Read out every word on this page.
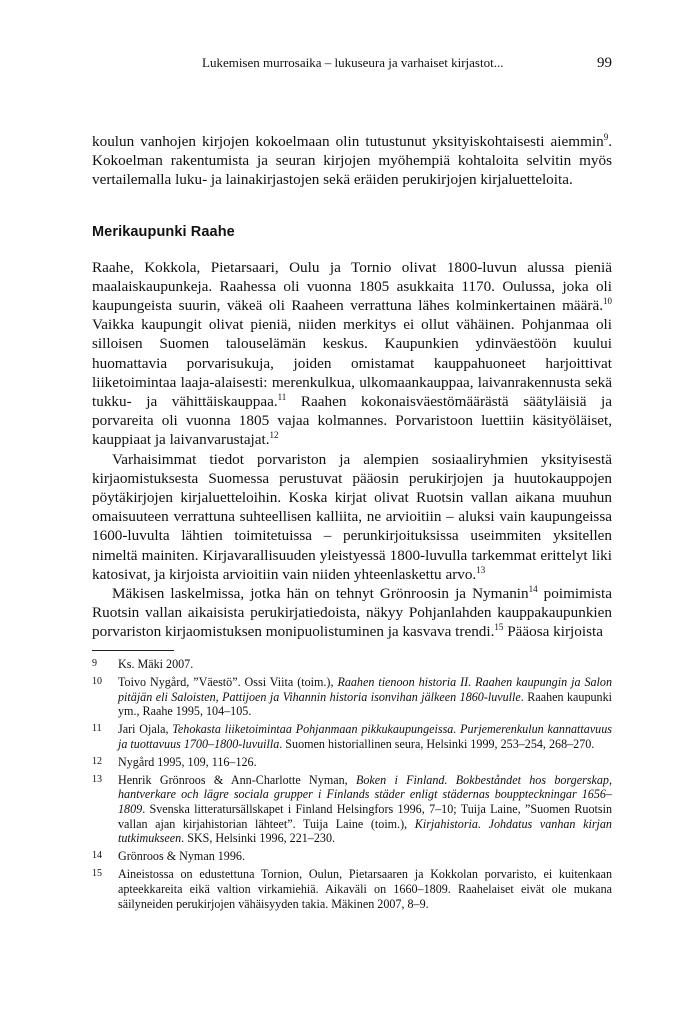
Lukemisen murrosaika – lukuseura ja varhaiset kirjastot...	99

koulun vanhojen kirjojen kokoelmaan olin tutustunut yksityiskohtaisesti aiemmin$^9$. Kokoelman rakentumista ja seuran kirjojen myöhempiä kohtaloita selvitin myös vertailemalla luku- ja lainakirjastojen sekä eräiden perukirjojen kirjaluetteloita.

Merikaupunki Raahe

Raahe, Kokkola, Pietarsaari, Oulu ja Tornio olivat 1800-luvun alussa pieniä maalaiskaupunkeja. Raahessa oli vuonna 1805 asukkaita 1170. Oulussa, joka oli kaupungeista suurin, väkeä oli Raaheen verrattuna lähes kolminkertainen määrä.$^{10}$ Vaikka kaupungit olivat pieniä, niiden merkitys ei ollut vähäinen. Pohjanmaa oli silloisen Suomen talouselämän keskus. Kaupunkien ydinväestöön kuului huomattavia porvarisukuja, joiden omistamat kauppahuoneet harjoittivat liiketoimintaa laaja-alaisesti: merenkulkua, ulkomaankauppaa, laivanrakennusta sekä tukku- ja vähittäiskauppaa.$^{11}$ Raahen kokonaisväestömäärästä säätyläisiä ja porvareita oli vuonna 1805 vajaa kolmannes. Porvaristoon luettiin käsityöläiset, kauppiaat ja laivanvarustajat.$^{12}$

Varhaisimmat tiedot porvariston ja alempien sosiaaliryhmien yksityisestä kirjaomistuksesta Suomessa perustuvat pääosin perukirjojen ja huutokauppojen pöytäkirjojen kirjaluetteloihin. Koska kirjat olivat Ruotsin vallan aikana muuhun omaisuuteen verrattuna suhteellisen kalliita, ne arvioitiin – aluksi vain kaupungeissa 1600-luvulta lähtien toimitetuissa – perunkirjoituksissa useimmiten yksitellen nimeltä mainiten. Kirjavarallisuuden yleistyessä 1800-luvulla tarkemmat erittelyt liki katosivat, ja kirjoista arvioitiin vain niiden yhteenlaskettu arvo.$^{13}$

Mäkisen laskelmissa, jotka hän on tehnyt Grönroosin ja Nymanin$^{14}$ poimimista Ruotsin vallan aikaisista perukirjatiedoista, näkyy Pohjanlahden kauppakaupunkien porvariston kirjaomistuksen monipuolistuminen ja kasvava trendi.$^{15}$ Pääosa kirjoista

9	Ks. Mäki 2007.
10	Toivo Nygård, ”Väestö”. Ossi Viita (toim.), Raahen tienoon historia II. Raahen kaupungin ja Salon pitäjän eli Saloisten, Pattijoen ja Vihannin historia isonvihan jälkeen 1860-luvulle. Raahen kaupunki ym., Raahe 1995, 104–105.
11	Jari Ojala, Tehokasta liiketoimintaa Pohjanmaan pikkukaupungeissa. Purjemerenkulun kannattavuus ja tuottavuus 1700–1800-luvuilla. Suomen historiallinen seura, Helsinki 1999, 253–254, 268–270.
12	Nygård 1995, 109, 116–126.
13	Henrik Grönroos & Ann-Charlotte Nyman, Boken i Finland. Bokbeståndet hos borgerskap, hantverkare och lägre sociala grupper i Finlands städer enligt städernas bouppteckningar 1656–1809. Svenska litteratursällskapet i Finland Helsingfors 1996, 7–10; Tuija Laine, ”Suomen Ruotsin vallan ajan kirjahistorian lähteet”. Tuija Laine (toim.), Kirjahistoria. Johdatus vanhan kirjan tutkimukseen. SKS, Helsinki 1996, 221–230.
14	Grönroos & Nyman 1996.
15	Aineistossa on edustettuna Tornion, Oulun, Pietarsaaren ja Kokkolan porvaristo, ei kuitenkaan apteekkareita eikä valtion virkamiehiä. Aikaväli on 1660–1809. Raahelaiset eivät ole mukana säilyneiden perukirjojen vähäisyyden takia. Mäkinen 2007, 8–9.
